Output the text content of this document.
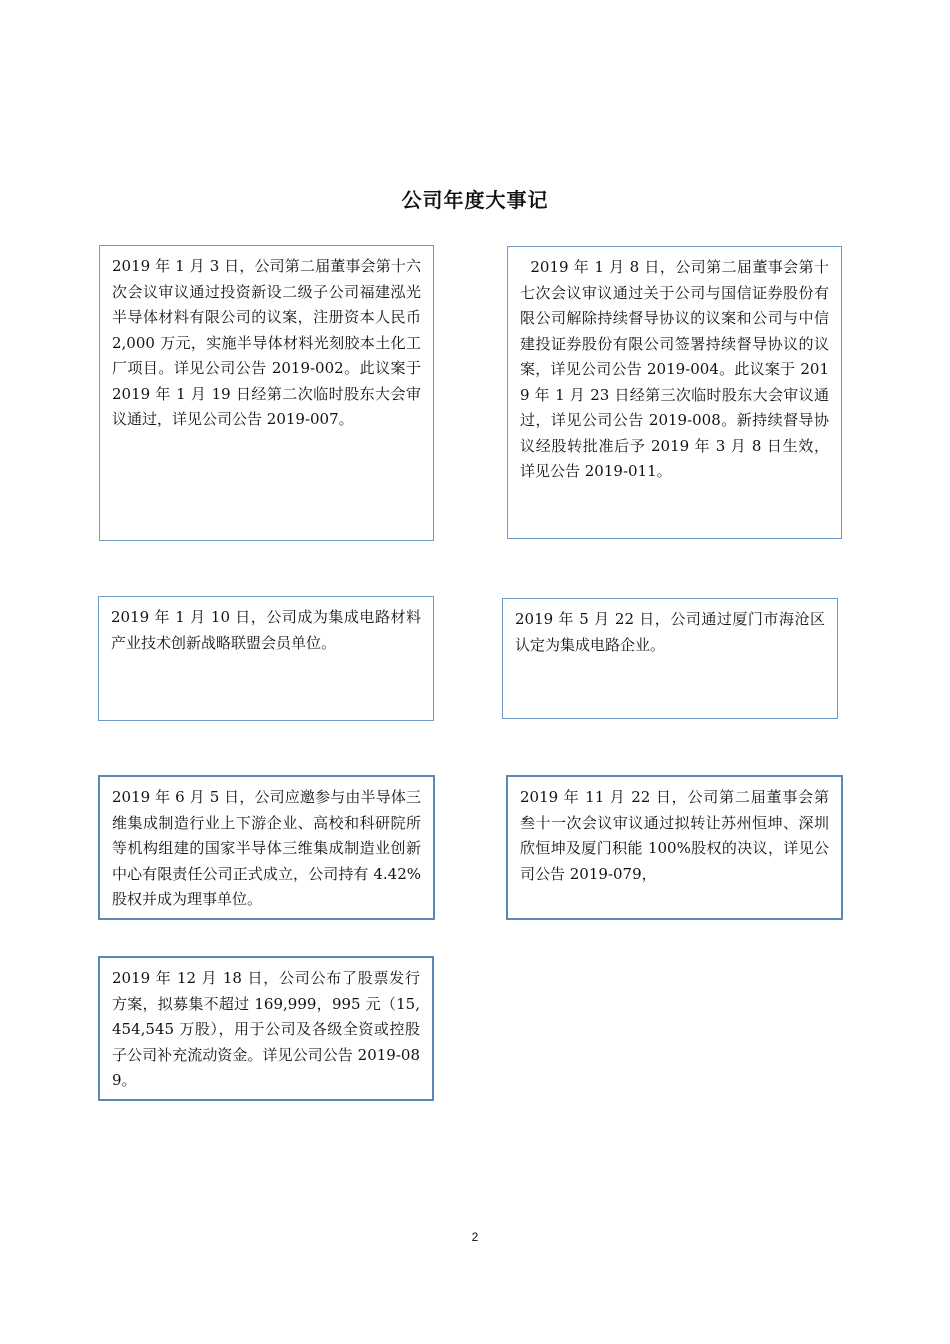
公司年度大事记
2019 年 1 月 3 日，公司第二届董事会第十六次会议审议通过投资新设二级子公司福建泓光半导体材料有限公司的议案，注册资本人民币 2,000 万元，实施半导体材料光刻胶本土化工厂项目。详见公司公告 2019-002。此议案于 2019 年 1 月 19 日经第二次临时股东大会审议通过，详见公司公告 2019-007。
2019 年 1 月 8 日，公司第二届董事会第十七次会议审议通过关于公司与国信证券股份有限公司解除持续督导协议的议案和公司与中信建投证券股份有限公司签署持续督导协议的议案，详见公司公告 2019-004。此议案于 2019 年 1 月 23 日经第三次临时股东大会审议通过，详见公司公告 2019-008。新持续督导协议经股转批准后予 2019 年 3 月 8 日生效，详见公告 2019-011。
2019 年 1 月 10 日，公司成为集成电路材料产业技术创新战略联盟会员单位。
2019 年 5 月 22 日，公司通过厦门市海沧区认定为集成电路企业。
2019 年 6 月 5 日，公司应邀参与由半导体三维集成制造行业上下游企业、高校和科研院所等机构组建的国家半导体三维集成制造业创新中心有限责任公司正式成立，公司持有 4.42%股权并成为理事单位。
2019 年 11 月 22 日，公司第二届董事会第叁十一次会议审议通过拟转让苏州恒坤、深圳欣恒坤及厦门积能 100%股权的决议，详见公司公告 2019-079，
2019 年 12 月 18 日，公司公布了股票发行方案，拟募集不超过 169,999，995 元（15,454,545 万股），用于公司及各级全资或控股子公司补充流动资金。详见公司公告 2019-089。
2
